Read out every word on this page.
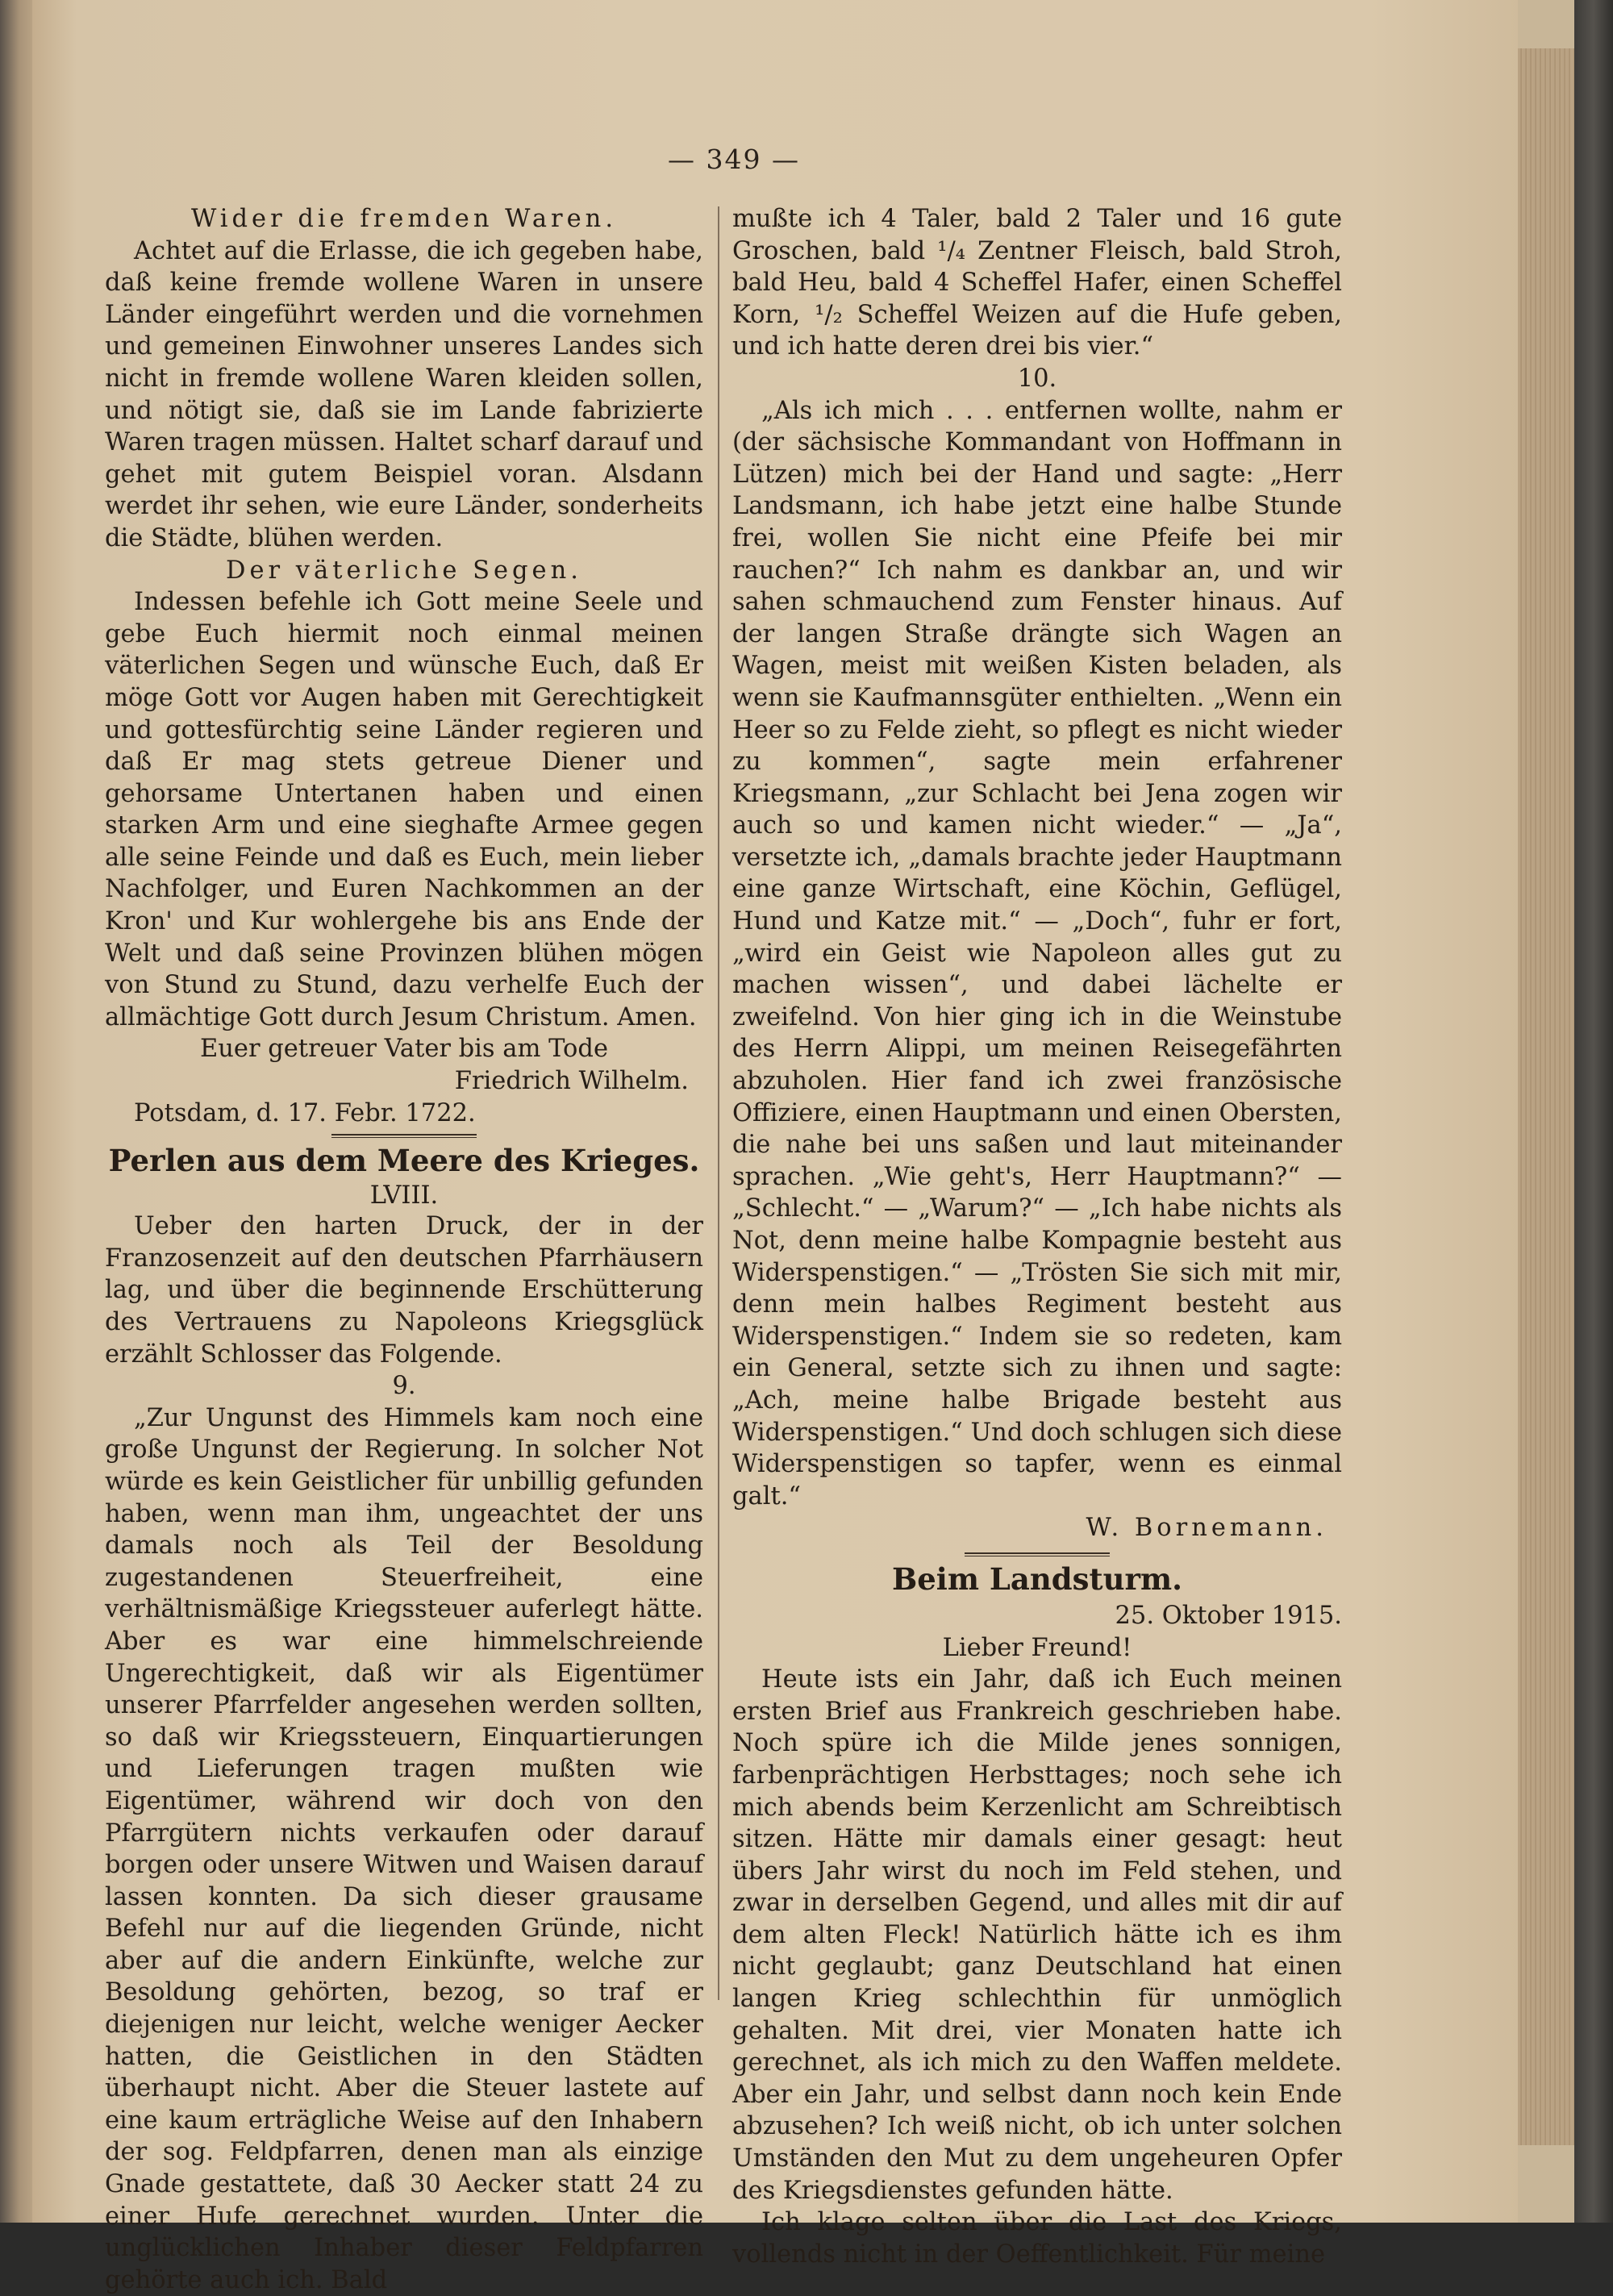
— 349 —
Wider die fremden Waren.

Achtet auf die Erlasse, die ich gegeben habe, daß keine fremde wollene Waren in unsere Länder eingeführt werden und die vornehmen und gemeinen Einwohner unseres Landes sich nicht in fremde wollene Waren kleiden sollen, und nötigt sie, daß sie im Lande fabrizierte Waren tragen müssen. Haltet scharf darauf und gehet mit gutem Beispiel voran. Alsdann werdet ihr sehen, wie eure Länder, sonderheits die Städte, blühen werden.

Der väterliche Segen.

Indessen befehle ich Gott meine Seele und gebe Euch hiermit noch einmal meinen väterlichen Segen und wünsche Euch, daß Er möge Gott vor Augen haben mit Gerechtigkeit und gottesfürchtig seine Länder regieren und daß Er mag stets getreue Diener und gehorsame Untertanen haben und einen starken Arm und eine sieghafte Armee gegen alle seine Feinde und daß es Euch, mein lieber Nachfolger, und Euren Nachkommen an der Kron' und Kur wohlergehe bis ans Ende der Welt und daß seine Provinzen blühen mögen von Stund zu Stund, dazu verhelfe Euch der allmächtige Gott durch Jesum Christum. Amen.

Euer getreuer Vater bis am Tode
Friedrich Wilhelm.
Potsdam, d. 17. Febr. 1722.
Perlen aus dem Meere des Krieges.
LVIII.

Ueber den harten Druck, der in der Franzosenzeit auf den deutschen Pfarrhäusern lag, und über die beginnende Erschütterung des Vertrauens zu Napoleons Kriegsglück erzählt Schlosser das Folgende.

9.

„Zur Ungunst des Himmels kam noch eine große Ungunst der Regierung. In solcher Not würde es kein Geistlicher für unbillig gefunden haben, wenn man ihm, ungeachtet der uns damals noch als Teil der Besoldung zugestandenen Steuerfreiheit, eine verhältnismäßige Kriegssteuer auferlegt hätte. Aber es war eine himmelschreiende Ungerechtigkeit, daß wir als Eigentümer unserer Pfarrfelder angesehen werden sollten, so daß wir Kriegssteuern, Einquartierungen und Lieferungen tragen mußten wie Eigentümer, während wir doch von den Pfarrgütern nichts verkaufen oder darauf borgen oder unsere Witwen und Waisen darauf lassen konnten. Da sich dieser grausame Befehl nur auf die liegenden Gründe, nicht aber auf die andern Einkünfte, welche zur Besoldung gehörten, bezog, so traf er diejenigen nur leicht, welche weniger Aecker hatten, die Geistlichen in den Städten überhaupt nicht. Aber die Steuer lastete auf eine kaum erträgliche Weise auf den Inhabern der sog. Feldpfarren, denen man als einzige Gnade gestattete, daß 30 Aecker statt 24 zu einer Hufe gerechnet wurden. Unter die unglücklichen Inhaber dieser Feldpfarren gehörte auch ich. Bald

mußte ich 4 Taler, bald 2 Taler und 16 gute Groschen, bald ¹/₄ Zentner Fleisch, bald Stroh, bald Heu, bald 4 Scheffel Hafer, einen Scheffel Korn, ¹/₂ Scheffel Weizen auf die Hufe geben, und ich hatte deren drei bis vier.“

10.

„Als ich mich . . . entfernen wollte, nahm er (der sächsische Kommandant von Hoffmann in Lützen) mich bei der Hand und sagte: „Herr Landsmann, ich habe jetzt eine halbe Stunde frei, wollen Sie nicht eine Pfeife bei mir rauchen?“ Ich nahm es dankbar an, und wir sahen schmauchend zum Fenster hinaus. Auf der langen Straße drängte sich Wagen an Wagen, meist mit weißen Kisten beladen, als wenn sie Kaufmannsgüter enthielten. „Wenn ein Heer so zu Felde zieht, so pflegt es nicht wieder zu kommen“, sagte mein erfahrener Kriegsmann, „zur Schlacht bei Jena zogen wir auch so und kamen nicht wieder.“ — „Ja“, versetzte ich, „damals brachte jeder Hauptmann eine ganze Wirtschaft, eine Köchin, Geflügel, Hund und Katze mit.“ — „Doch“, fuhr er fort, „wird ein Geist wie Napoleon alles gut zu machen wissen“, und dabei lächelte er zweifelnd. Von hier ging ich in die Weinstube des Herrn Alippi, um meinen Reisegefährten abzuholen. Hier fand ich zwei französische Offiziere, einen Hauptmann und einen Obersten, die nahe bei uns saßen und laut miteinander sprachen. „Wie geht's, Herr Hauptmann?“ — „Schlecht.“ — „Warum?“ — „Ich habe nichts als Not, denn meine halbe Kompagnie besteht aus Widerspenstigen.“ — „Trösten Sie sich mit mir, denn mein halbes Regiment besteht aus Widerspenstigen.“ Indem sie so redeten, kam ein General, setzte sich zu ihnen und sagte: „Ach, meine halbe Brigade besteht aus Widerspenstigen.“ Und doch schlugen sich diese Widerspenstigen so tapfer, wenn es einmal galt.“

W. Bornemann.
Beim Landsturm.
25. Oktober 1915.
Lieber Freund!

Heute ists ein Jahr, daß ich Euch meinen ersten Brief aus Frankreich geschrieben habe. Noch spüre ich die Milde jenes sonnigen, farbenprächtigen Herbsttages; noch sehe ich mich abends beim Kerzenlicht am Schreibtisch sitzen. Hätte mir damals einer gesagt: heut übers Jahr wirst du noch im Feld stehen, und zwar in derselben Gegend, und alles mit dir auf dem alten Fleck! Natürlich hätte ich es ihm nicht geglaubt; ganz Deutschland hat einen langen Krieg schlechthin für unmöglich gehalten. Mit drei, vier Monaten hatte ich gerechnet, als ich mich zu den Waffen meldete. Aber ein Jahr, und selbst dann noch kein Ende abzusehen? Ich weiß nicht, ob ich unter solchen Umständen den Mut zu dem ungeheuren Opfer des Kriegsdienstes gefunden hätte.

Ich klage selten über die Last des Kriegs, vollends nicht in der Oeffentlichkeit. Für meine
